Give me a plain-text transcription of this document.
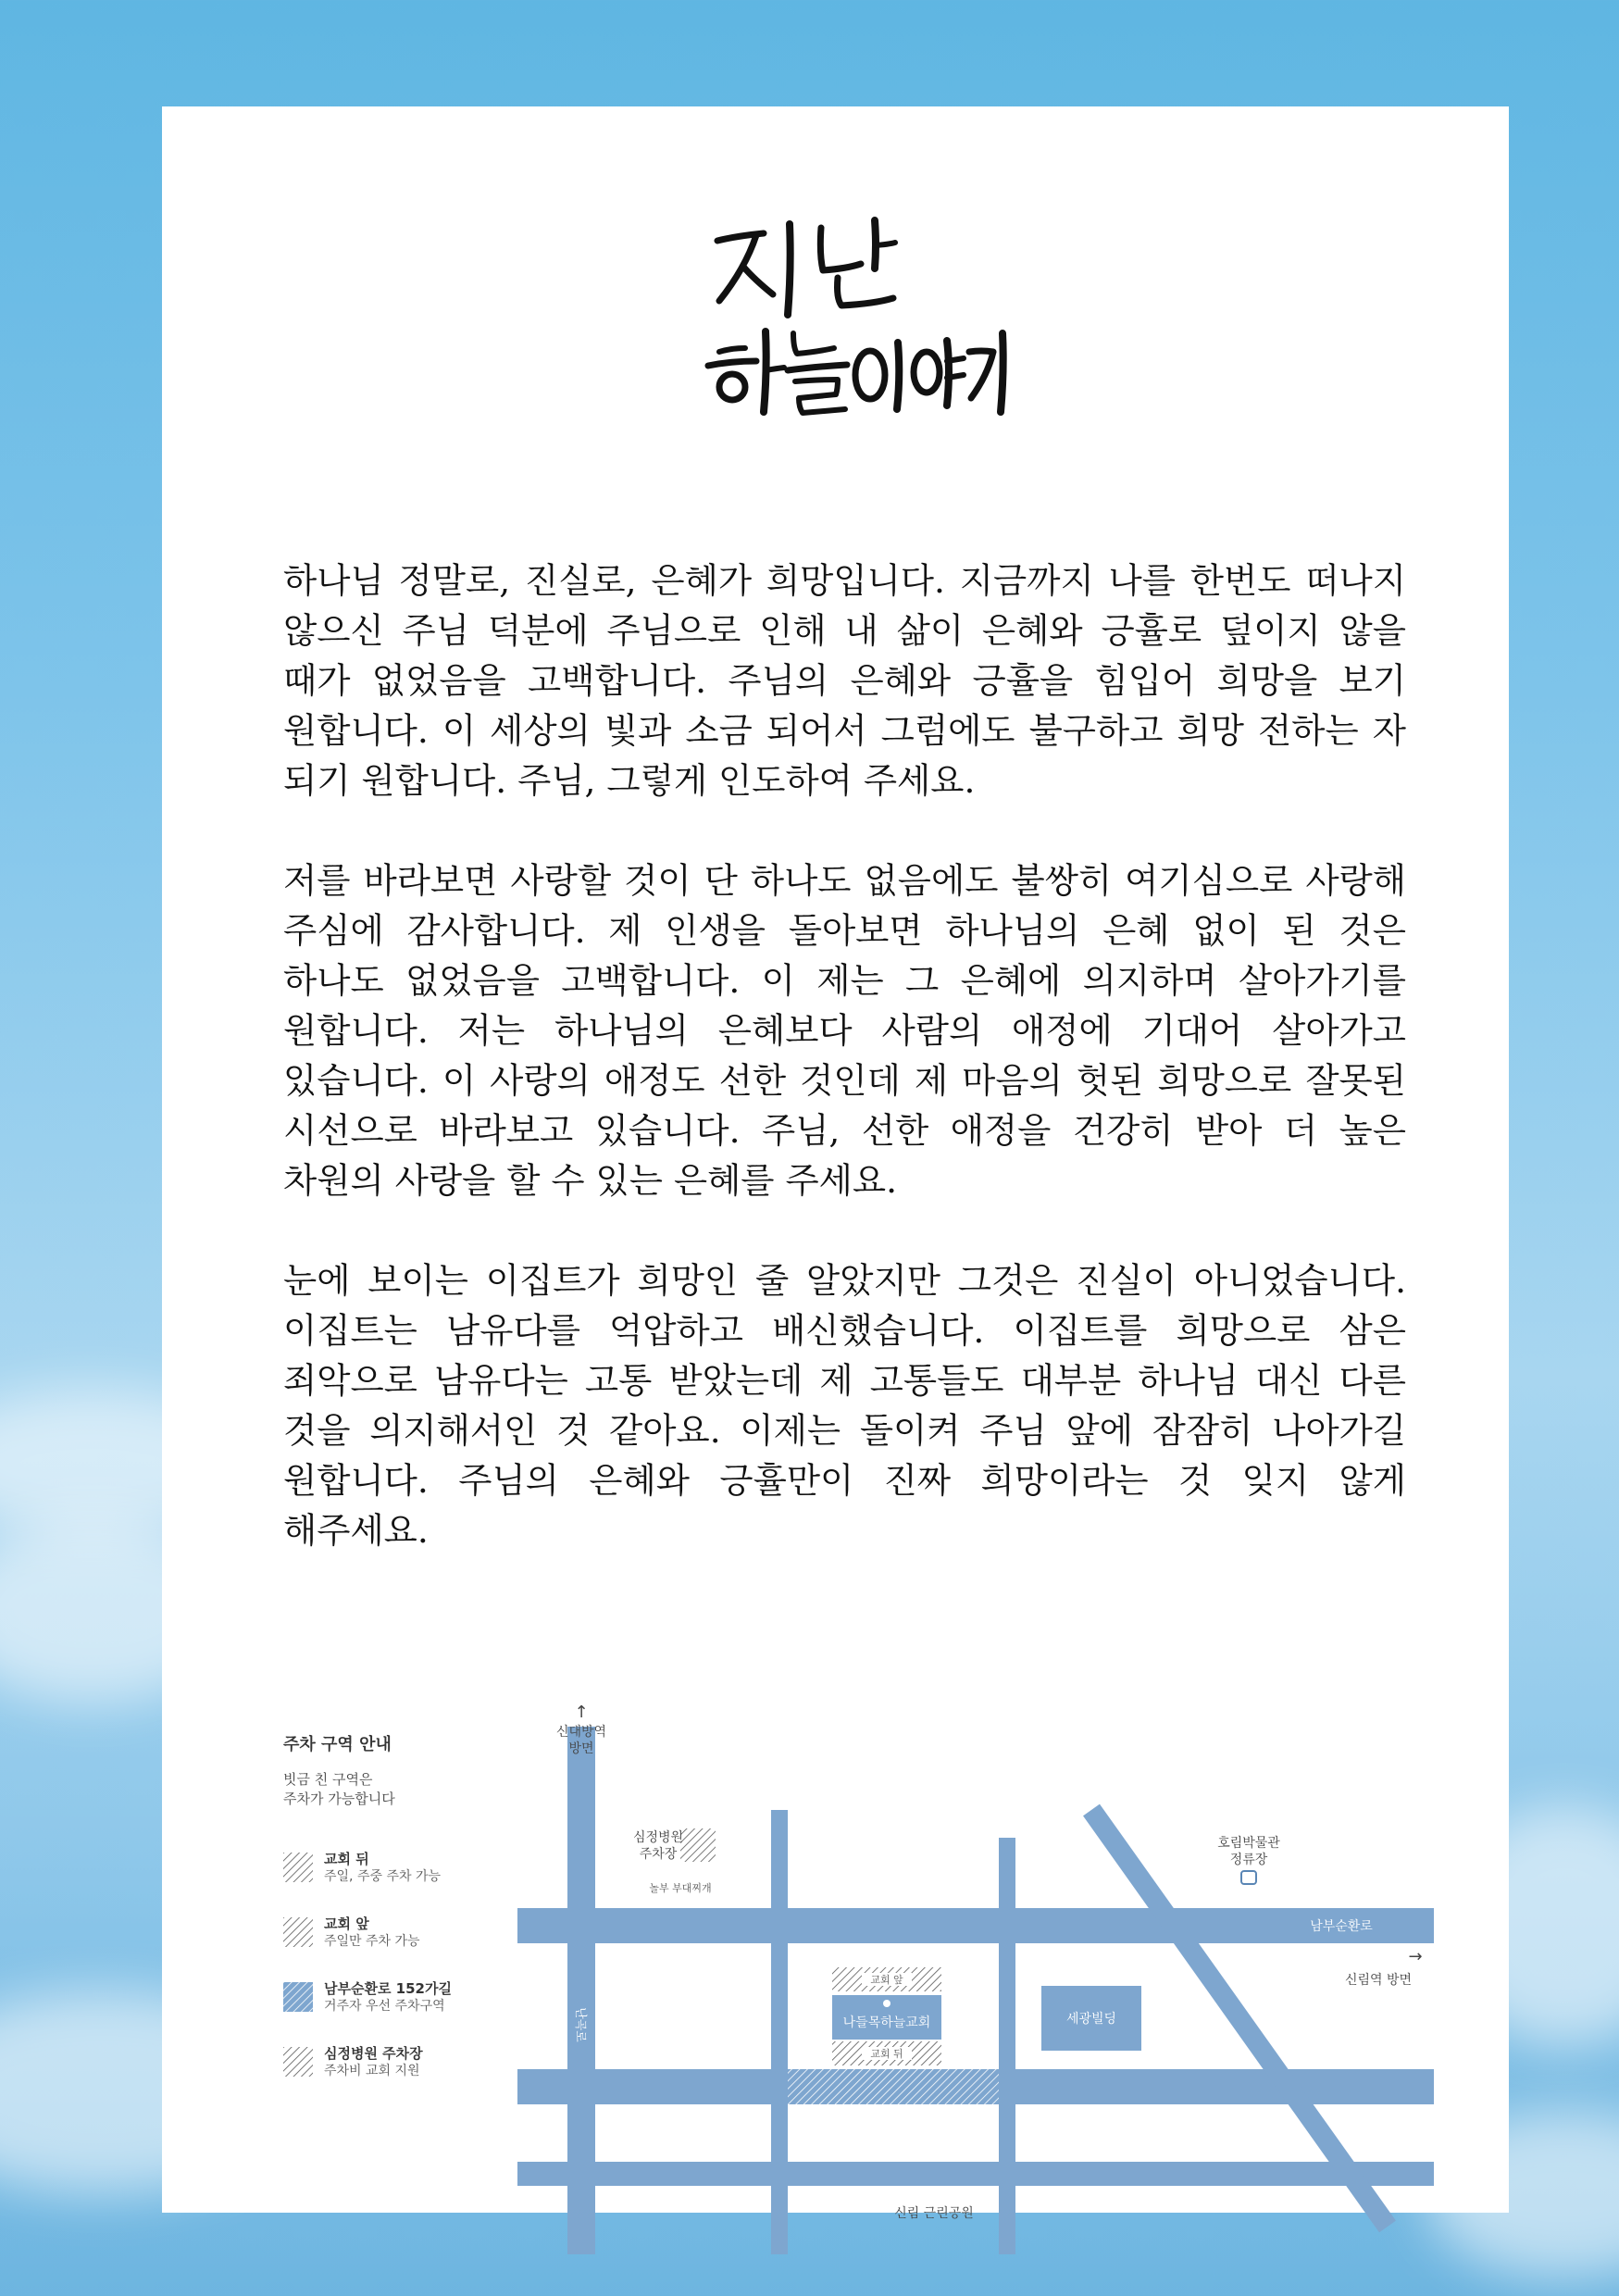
하나님 정말로, 진실로, 은혜가 희망입니다. 지금까지 나를 한번도 떠나지 않으신 주님 덕분에 주님으로 인해 내 삶이 은혜와 긍휼로 덮이지 않을 때가 없었음을 고백합니다. 주님의 은혜와 긍휼을 힘입어 희망을 보기 원합니다. 이 세상의 빛과 소금 되어서 그럼에도 불구하고 희망 전하는 자 되기 원합니다. 주님, 그렇게 인도하여 주세요.

저를 바라보면 사랑할 것이 단 하나도 없음에도 불쌍히 여기심으로 사랑해 주심에 감사합니다. 제 인생을 돌아보면 하나님의 은혜 없이 된 것은 하나도 없었음을 고백합니다. 이 제는 그 은혜에 의지하며 살아가기를 원합니다. 저는 하나님의 은혜보다 사람의 애정에 기대어 살아가고 있습니다. 이 사랑의 애정도 선한 것인데 제 마음의 헛된 희망으로 잘못된 시선으로 바라보고 있습니다. 주님, 선한 애정을 건강히 받아 더 높은 차원의 사랑을 할 수 있는 은혜를 주세요.

눈에 보이는 이집트가 희망인 줄 알았지만 그것은 진실이 아니었습니다. 이집트는 남유다를 억압하고 배신했습니다. 이집트를 희망으로 삼은 죄악으로 남유다는 고통 받았는데 제 고통들도 대부분 하나님 대신 다른 것을 의지해서인 것 같아요. 이제는 돌이켜 주님 앞에 잠잠히 나아가길 원합니다. 주님의 은혜와 긍휼만이 진짜 희망이라는 것 잊지 않게 해주세요.

주차 구역 안내
빗금 친 구역은
주차가 가능합니다
교회 뒤
주일, 주중 주차 가능
교회 앞
주일만 주차 가능
남부순환로 152가길
거주자 우선 주차구역
심정병원 주차장
주차비 교회 지원
교회 앞
교회 뒤
나들목하늘교회	세광빌딩
↑
신대방역
방면
심정병원
주차장
놀부 부대찌개
호림박물관
정류장
남부순환로
→
신림역 방면
난곡로
신림 근린공원
